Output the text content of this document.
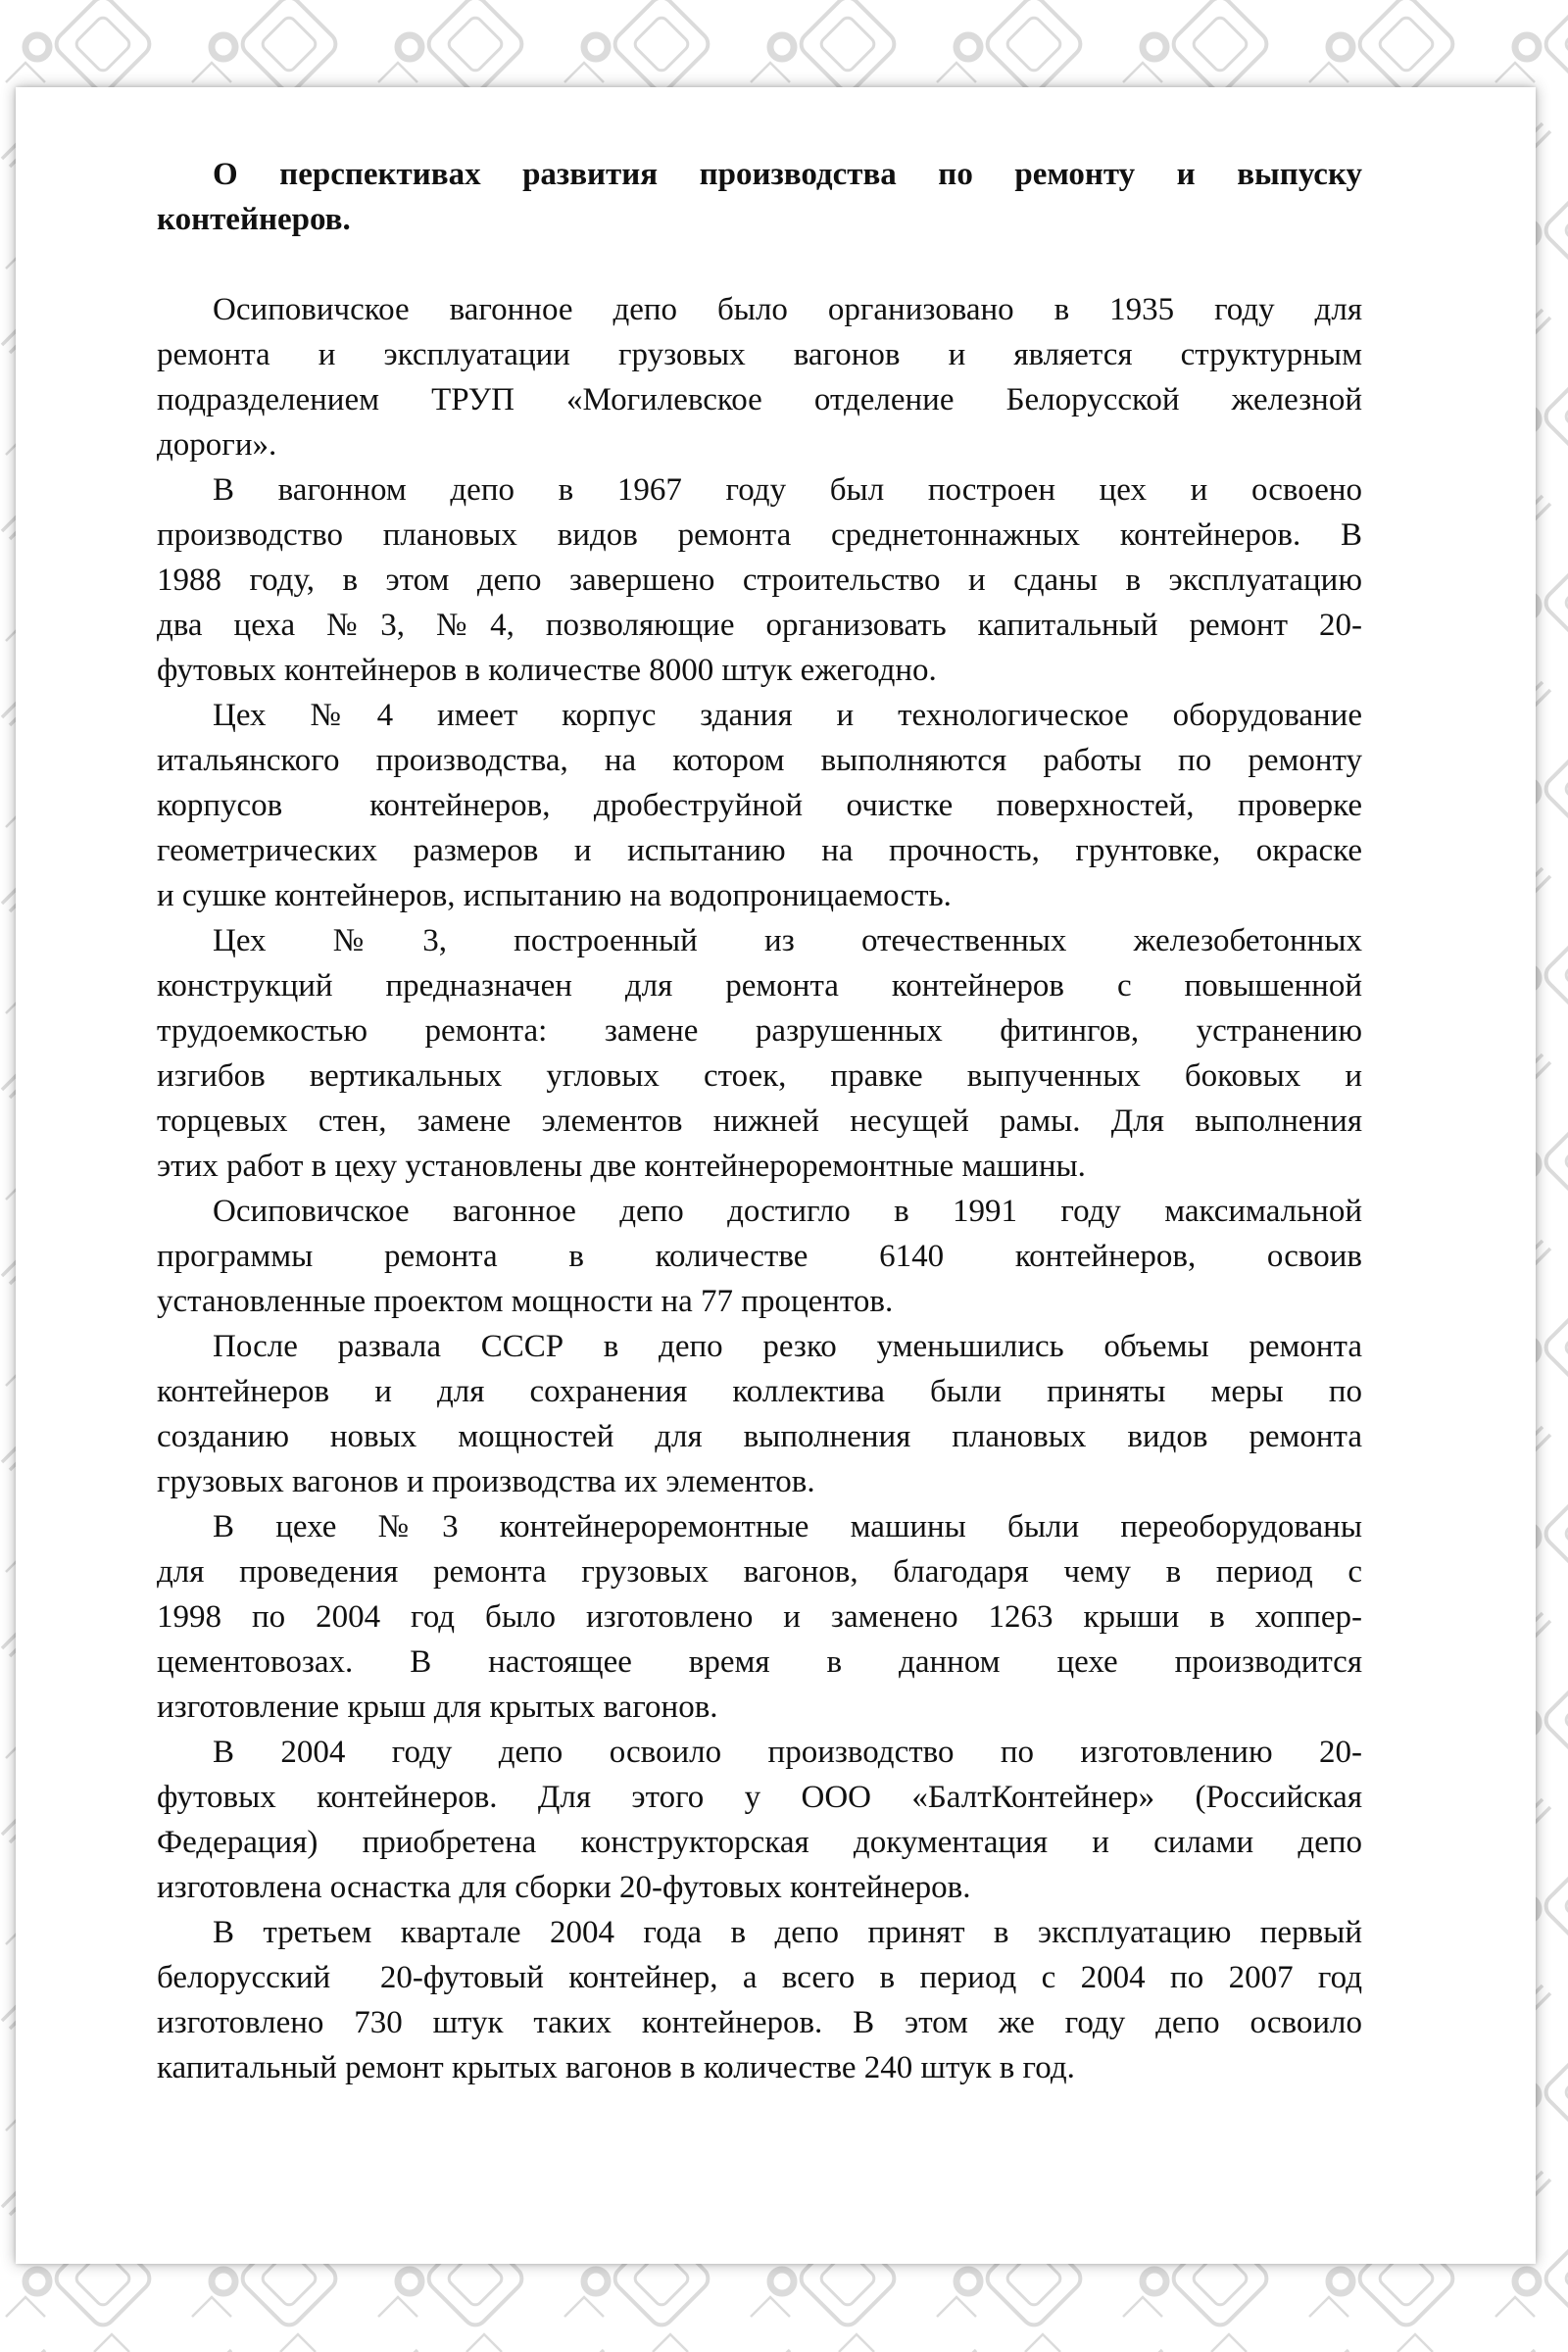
О перспективах развития производства по ремонту и выпуску
контейнеров.
Осиповичское вагонное депо было организовано в 1935 году для
ремонта и эксплуатации грузовых вагонов и является структурным
подразделением ТРУП «Могилевское отделение Белорусской железной
дороги».
В вагонном депо в 1967 году был построен цех и освоено
производство плановых видов ремонта среднетоннажных контейнеров. В
1988 году, в этом депо завершено строительство и сданы в эксплуатацию
два цеха №3, №4, позволяющие организовать капитальный ремонт 20-
футовых контейнеров в количестве 8000 штук ежегодно.
Цех №4 имеет корпус здания и технологическое оборудование
итальянского производства, на котором выполняются работы по ремонту
корпусов  контейнеров, дробеструйной очистке поверхностей, проверке
геометрических размеров и испытанию на прочность, грунтовке, окраске
и сушке контейнеров, испытанию на водопроницаемость.
Цех №3, построенный из отечественных железобетонных
конструкций предназначен для ремонта контейнеров с повышенной
трудоемкостью ремонта: замене разрушенных фитингов, устранению
изгибов вертикальных угловых стоек, правке выпученных боковых и
торцевых стен, замене элементов нижней несущей рамы. Для выполнения
этих работ в цеху установлены две контейнероремонтные машины.
Осиповичское вагонное депо достигло в 1991 году максимальной
программы ремонта в количестве 6140 контейнеров, освоив
установленные проектом мощности на 77 процентов.
После развала СССР в депо резко уменьшились объемы ремонта
контейнеров и для сохранения коллектива были приняты меры по
созданию новых мощностей для выполнения плановых видов ремонта
грузовых вагонов и производства их элементов.
В цехе №3 контейнероремонтные машины были переоборудованы
для проведения ремонта грузовых вагонов, благодаря чему в период с
1998 по 2004 год было изготовлено и заменено 1263 крыши в хоппер-
цементовозах. В настоящее время в данном цехе производится
изготовление крыш для крытых вагонов.
В 2004 году депо освоило производство по изготовлению 20-
футовых контейнеров. Для этого у ООО «БалтКонтейнер» (Российская
Федерация) приобретена конструкторская документация и силами депо
изготовлена оснастка для сборки 20-футовых контейнеров.
В третьем квартале 2004 года в депо принят в эксплуатацию первый
белорусский  20-футовый контейнер, а всего в период с 2004 по 2007 год
изготовлено 730 штук таких контейнеров. В этом же году депо освоило
капитальный ремонт крытых вагонов в количестве 240 штук в год.
